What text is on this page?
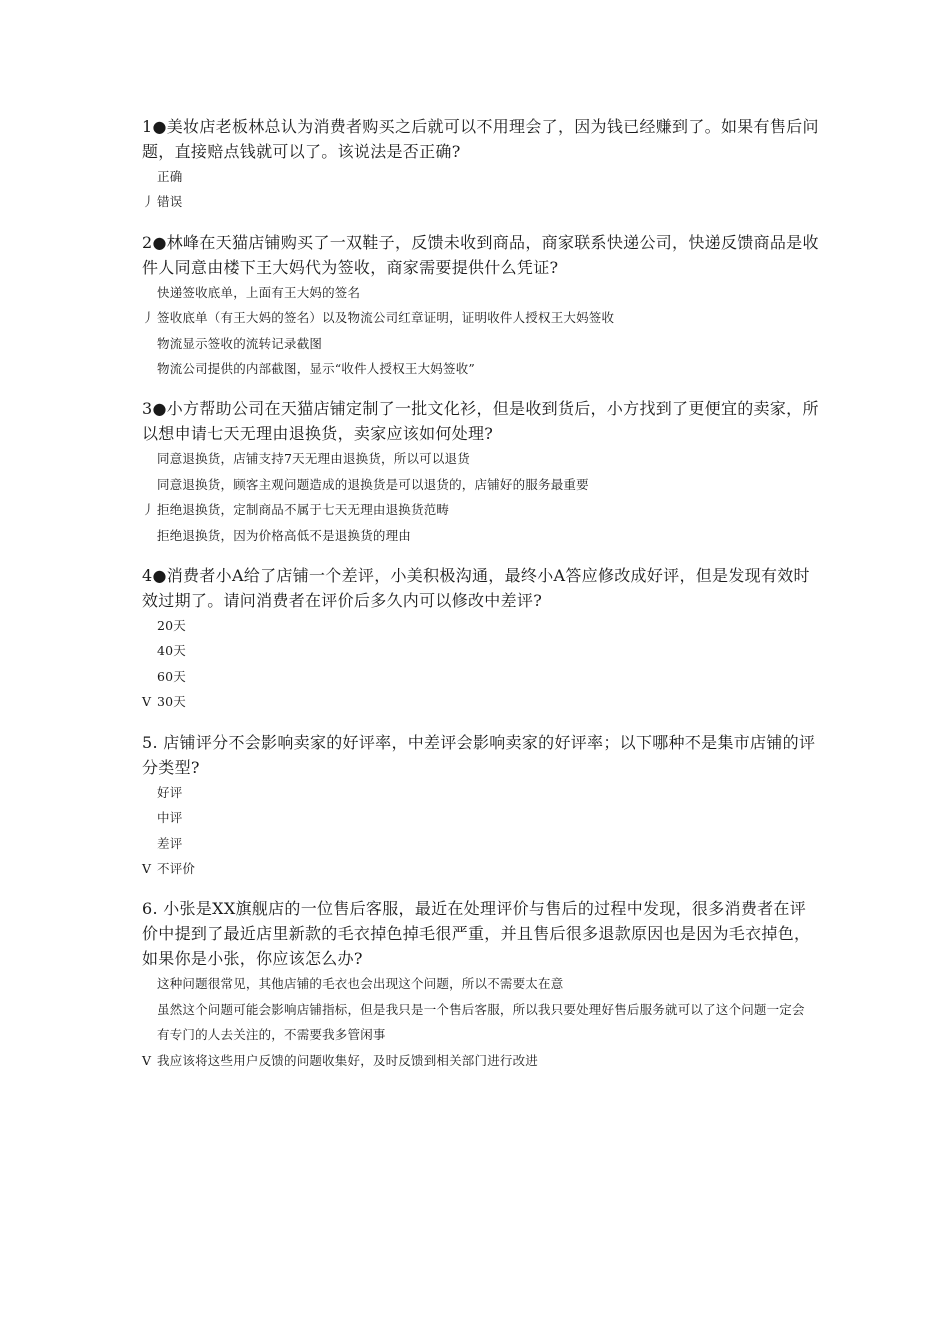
1●美妆店老板林总认为消费者购买之后就可以不用理会了，因为钱已经赚到了。如果有售后问题，直接赔点钱就可以了。该说法是否正确?

正确
丿 错误

2●林峰在天猫店铺购买了一双鞋子，反馈未收到商品，商家联系快递公司，快递反馈商品是收件人同意由楼下王大妈代为签收，商家需要提供什么凭证?

快递签收底单，上面有王大妈的签名
丿 签收底单（有王大妈的签名）以及物流公司红章证明，证明收件人授权王大妈签收
物流显示签收的流转记录截图
物流公司提供的内部截图，显示“收件人授权王大妈签收”

3●小方帮助公司在天猫店铺定制了一批文化衫，但是收到货后，小方找到了更便宜的卖家，所以想申请七天无理由退换货，卖家应该如何处理?

同意退换货，店铺支持7天无理由退换货，所以可以退货
同意退换货，顾客主观问题造成的退换货是可以退货的，店铺好的服务最重要
丿 拒绝退换货，定制商品不属于七天无理由退换货范畴
拒绝退换货，因为价格高低不是退换货的理由

4●消费者小A给了店铺一个差评，小美积极沟通，最终小A答应修改成好评，但是发现有效时效过期了。请问消费者在评价后多久内可以修改中差评?

20天
40天
60天
V 30天

5. 店铺评分不会影响卖家的好评率，中差评会影响卖家的好评率；以下哪种不是集市店铺的评分类型?

好评
中评
差评
V 不评价

6. 小张是XX旗舰店的一位售后客服，最近在处理评价与售后的过程中发现，很多消费者在评价中提到了最近店里新款的毛衣掉色掉毛很严重，并且售后很多退款原因也是因为毛衣掉色，如果你是小张，你应该怎么办?

这种问题很常见，其他店铺的毛衣也会出现这个问题，所以不需要太在意
虽然这个问题可能会影响店铺指标，但是我只是一个售后客服，所以我只要处理好售后服务就可以了这个问题一定会有专门的人去关注的，不需要我多管闲事
V 我应该将这些用户反馈的问题收集好，及时反馈到相关部门进行改进
